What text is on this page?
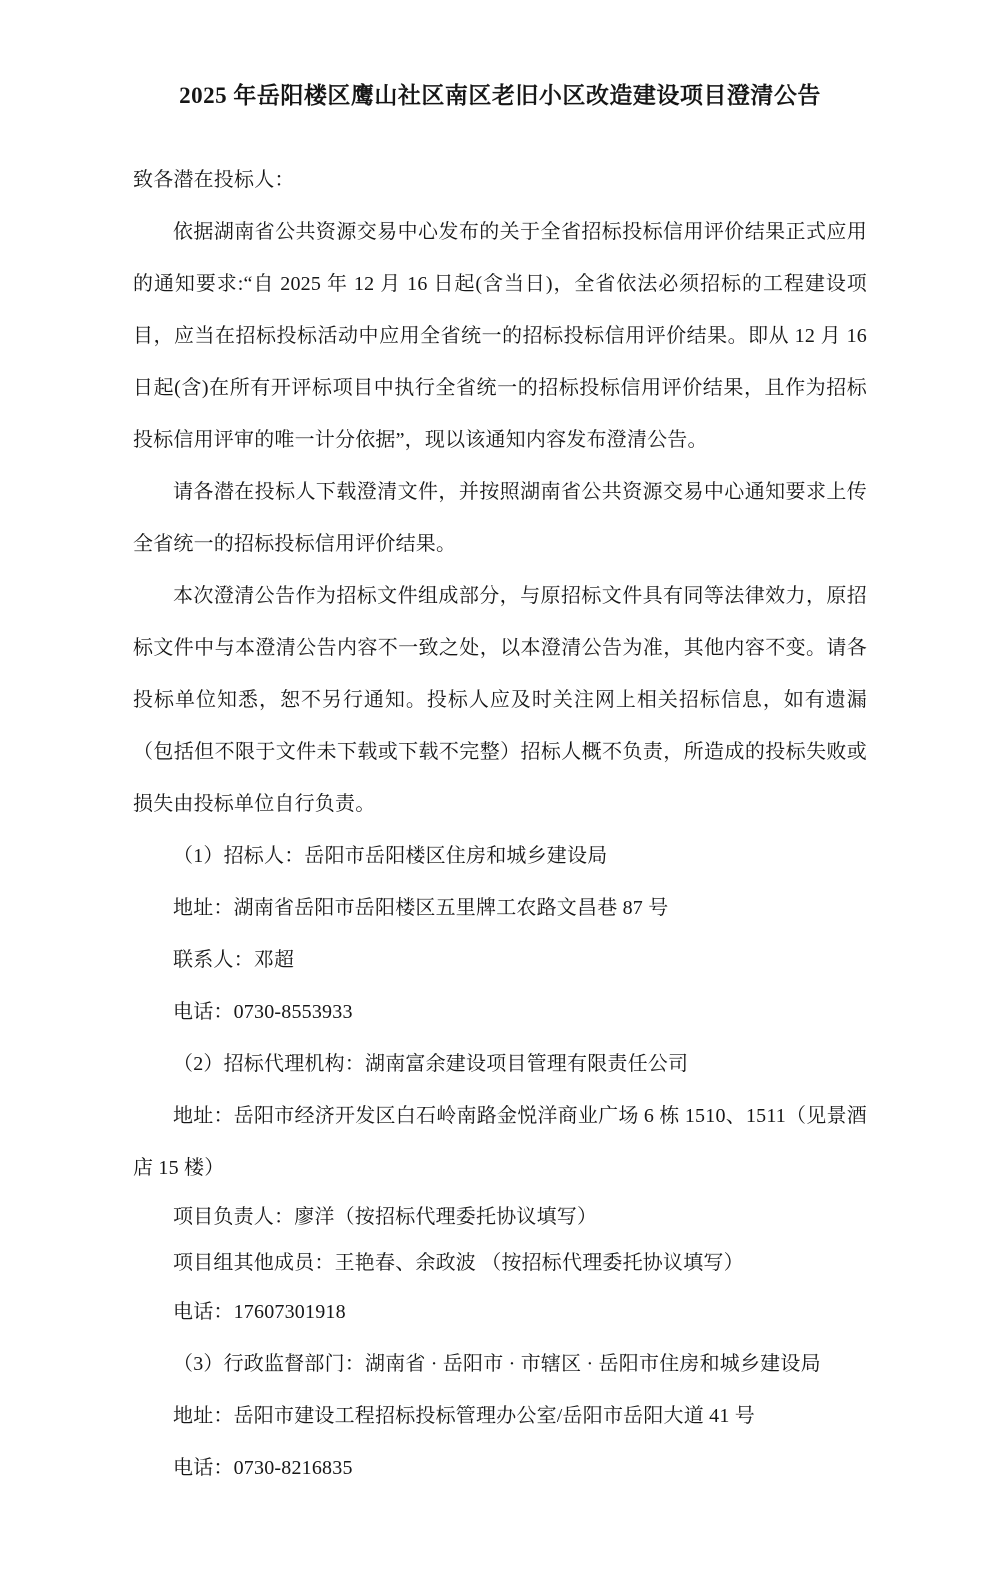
2025 年岳阳楼区鹰山社区南区老旧小区改造建设项目澄清公告

致各潜在投标人：

依据湖南省公共资源交易中心发布的关于全省招标投标信用评价结果正式应用的通知要求:“自 2025 年 12 月 16 日起(含当日)，全省依法必须招标的工程建设项目，应当在招标投标活动中应用全省统一的招标投标信用评价结果。即从 12 月 16 日起(含)在所有开评标项目中执行全省统一的招标投标信用评价结果，且作为招标投标信用评审的唯一计分依据”，现以该通知内容发布澄清公告。

请各潜在投标人下载澄清文件，并按照湖南省公共资源交易中心通知要求上传全省统一的招标投标信用评价结果。

本次澄清公告作为招标文件组成部分，与原招标文件具有同等法律效力，原招标文件中与本澄清公告内容不一致之处，以本澄清公告为准，其他内容不变。请各投标单位知悉，恕不另行通知。投标人应及时关注网上相关招标信息，如有遗漏（包括但不限于文件未下载或下载不完整）招标人概不负责，所造成的投标失败或损失由投标单位自行负责。

（1）招标人：岳阳市岳阳楼区住房和城乡建设局

地址：湖南省岳阳市岳阳楼区五里牌工农路文昌巷 87 号

联系人：邓超

电话：0730-8553933

（2）招标代理机构：湖南富余建设项目管理有限责任公司

地址：岳阳市经济开发区白石岭南路金悦洋商业广场 6 栋 1510、1511（见景酒店 15 楼）

项目负责人：廖洋（按招标代理委托协议填写）

项目组其他成员：王艳春、余政波 （按招标代理委托协议填写）

电话：17607301918

（3）行政监督部门：湖南省 · 岳阳市 · 市辖区 · 岳阳市住房和城乡建设局

地址：岳阳市建设工程招标投标管理办公室/岳阳市岳阳大道 41 号

电话：0730-8216835
